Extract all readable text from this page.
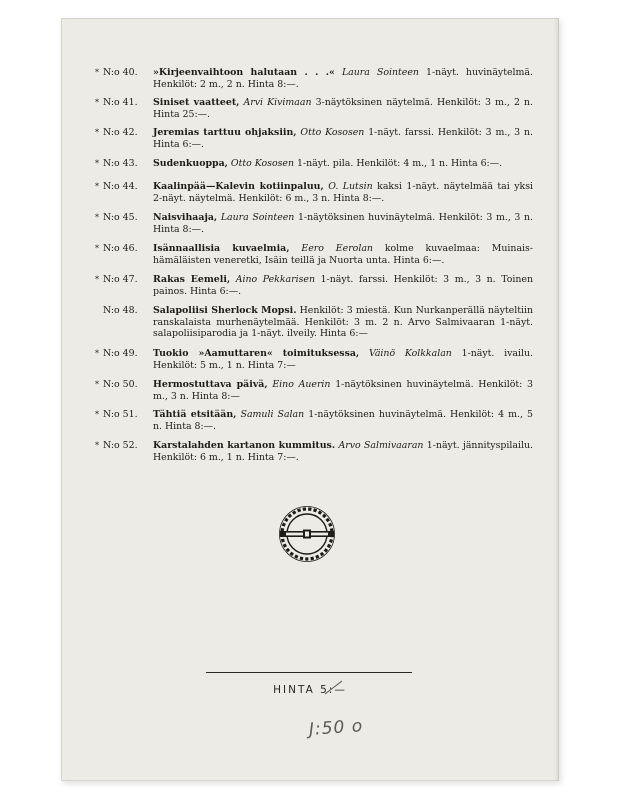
* N:o 40.	»Kirjeenvaihtoon halutaan . . .« Laura Sointeen 1-näyt. huvinäytelmä. Henkilöt: 2 m., 2 n. Hinta 8:—.
* N:o 41.	Siniset vaatteet, Arvi Kivimaan 3-näytöksinen näytelmä. Henkilöt: 3 m., 2 n. Hinta 25:—.
* N:o 42.	Jeremias tarttuu ohjaksiin, Otto Kososen 1-näyt. farssi. Henkilöt: 3 m., 3 n. Hinta 6:—.
* N:o 43.	Sudenkuoppa, Otto Kososen 1-näyt. pila. Henkilöt: 4 m., 1 n. Hinta 6:—.
* N:o 44.	Kaalinpää—Kalevin kotiinpaluu, O. Lutsin kaksi 1-näyt. näytelmää tai yksi 2-näyt. näytelmä. Henkilöt: 6 m., 3 n. Hinta 8:—.
* N:o 45.	Naisvihaaja, Laura Sointeen 1-näytöksinen huvinäytelmä. Henkilöt: 3 m., 3 n. Hinta 8:—.
* N:o 46.	Isännaallisia kuvaelmia, Eero Eerolan kolme kuvaelmaa: Muinais-hämäläisten veneretki, Isäin teillä ja Nuorta unta. Hinta 6:—.
* N:o 47.	Rakas Eemeli, Aino Pekkarisen 1-näyt. farssi. Henkilöt: 3 m., 3 n. Toinen painos. Hinta 6:—.
N:o 48.	Salapoliisi Sherlock Mopsi. Henkilöt: 3 miestä. Kun Nurkanperällä näyteltiin ranskalaista murhenäytelmää. Henkilöt: 3 m. 2 n. Arvo Salmivaaran 1-näyt. salapoliisiparodia ja 1-näyt. ilveily. Hinta 6:—
* N:o 49.	Tuokio »Aamuttaren« toimituksessa, Väinö Kolkkalan 1-näyt. ivailu. Henkilöt: 5 m., 1 n. Hinta 7:—
* N:o 50.	Hermostuttava päivä, Eino Auerin 1-näytöksinen huvinäytelmä. Henkilöt: 3 m., 3 n. Hinta 8:—
* N:o 51.	Tähtiä etsitään, Samuli Salan 1-näytöksinen huvinäytelmä. Henkilöt: 4 m., 5 n. Hinta 8:—.
* N:o 52.	Karstalahden kartanon kummitus. Arvo Salmivaaran 1-näyt. jännityspilailu. Henkilöt: 6 m., 1 n. Hinta 7:—.
HINTA 5:—
J:50 o
